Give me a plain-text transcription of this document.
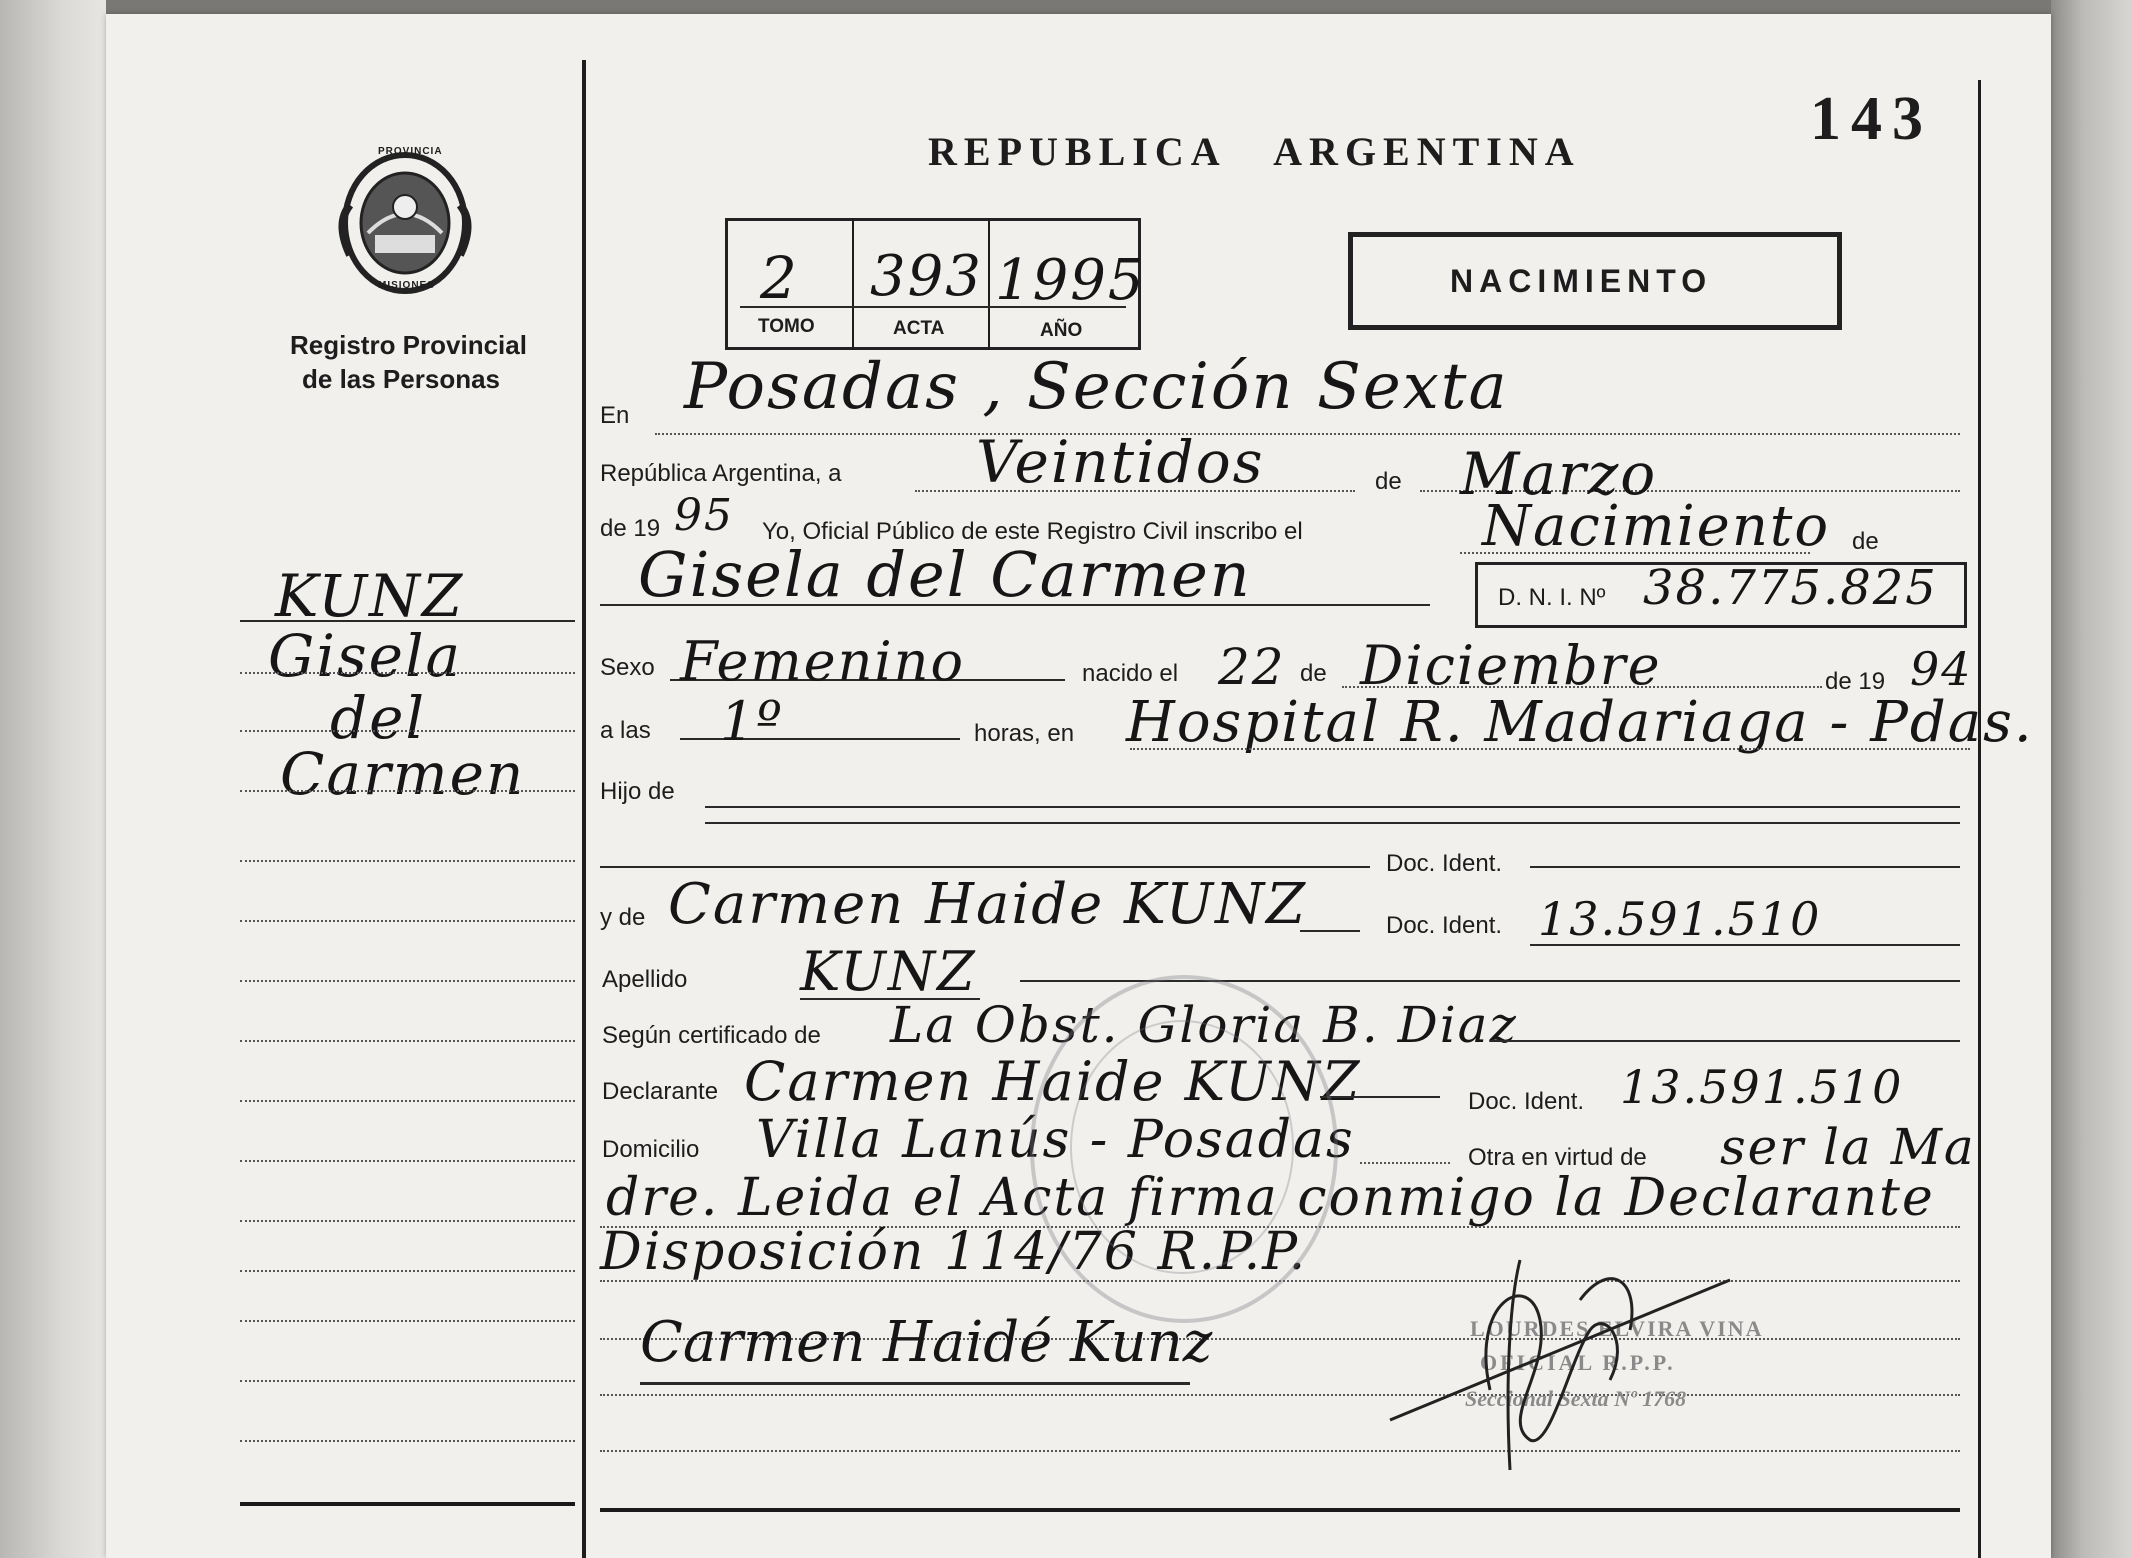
143
REPUBLICA   ARGENTINA
PROVINCIA
MISIONES
Registro Provincial
de las Personas
2 393 1995
TOMO	ACTA	AÑO
NACIMIENTO
KUNZ
Gisela
del
Carmen
En Posadas , Sección Sexta
República Argentina, a Veintidos	de Marzo
de 19 95 Yo, Oficial Público de este Registro Civil inscribo el	Nacimiento de
Gisela del Carmen	D. N. I. Nº 38.775.825
Sexo Femenino	nacido el 22 de Diciembre	de 19 94
a las 1º	horas, en Hospital R. Madariaga - Pdas.
Hijo de
Doc. Ident.
y de Carmen Haide KUNZ	Doc. Ident. 13.591.510
Apellido KUNZ
Según certificado de La Obst. Gloria B. Diaz
Declarante Carmen Haide KUNZ	Doc. Ident. 13.591.510
Domicilio Villa Lanús - Posadas	Otra en virtud de ser la Ma
dre. Leida el Acta firma conmigo la Declarante
Disposición 114/76 R.P.P.
Carmen Haidé Kunz	LOURDES ELVIRA VINA
OFICIAL R.P.P.
Seccional Sexta Nº 1768
